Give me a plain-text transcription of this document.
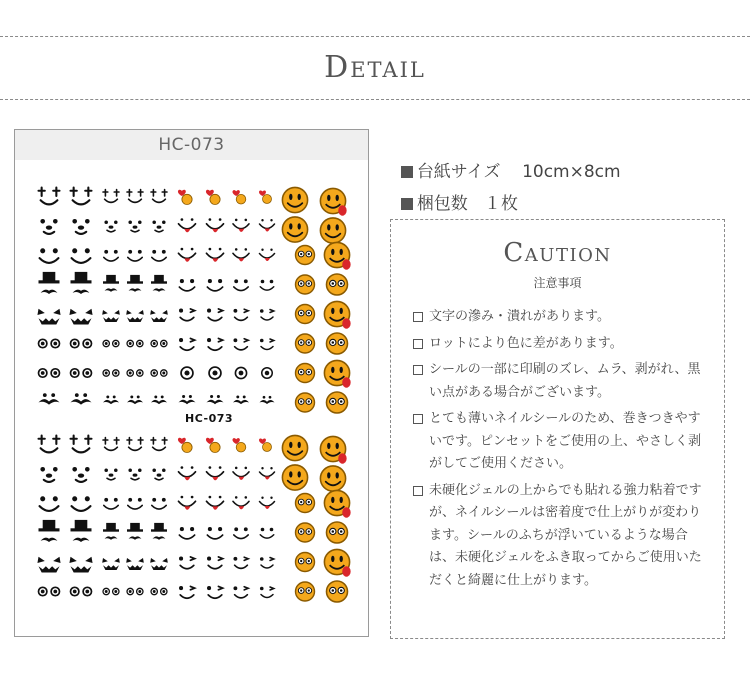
Detail
HC-073
HC-073

台紙サイズ 10cm×8cm

梱包数 １枚

Caution
注意事項
文字の滲み・潰れがあります。
ロットにより色に差があります。
シールの一部に印刷のズレ、ムラ、剥がれ、黒い点がある場合がございます。
とても薄いネイルシールのため、巻きつきやすいです。ピンセットをご使用の上、やさしく剥がしてご使用ください。
未硬化ジェルの上からでも貼れる強力粘着ですが、ネイルシールは密着度で仕上がりが変わります。シールのふちが浮いているような場合は、未硬化ジェルをふき取ってからご使用いただくと綺麗に仕上がります。
